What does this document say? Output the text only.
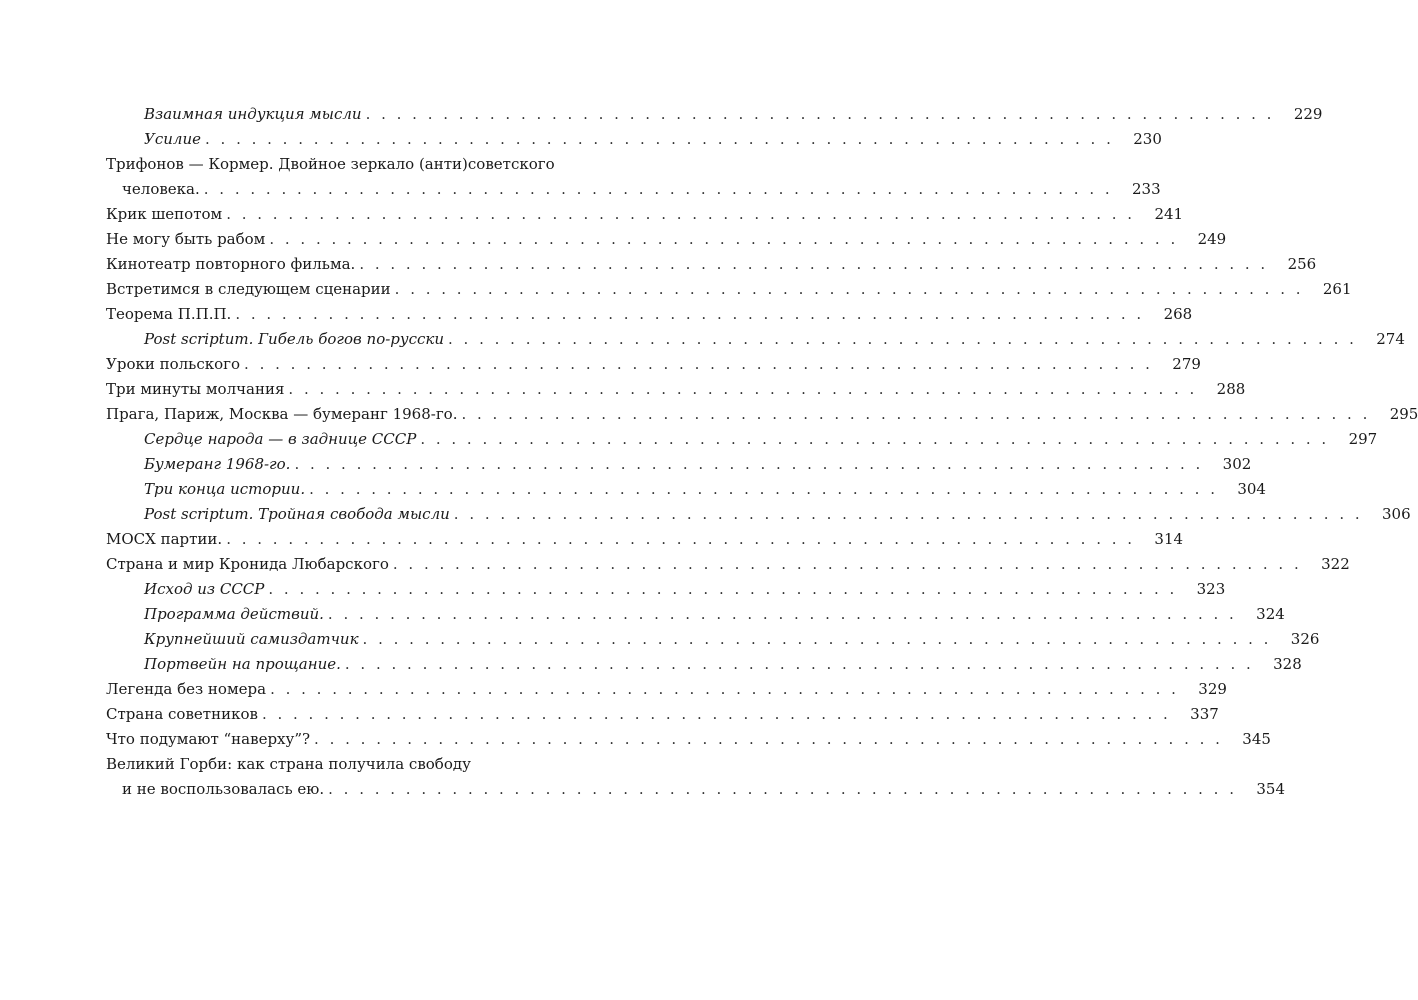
Взаимная индукция мысли . . . . . . . . . . . . . . . . . . . . . . . . . . . . . . . . . . . . . . . . . . . . . . . . . . . . . . . . . . .	229
Усилие . . . . . . . . . . . . . . . . . . . . . . . . . . . . . . . . . . . . . . . . . . . . . . . . . . . . . . . . . . .	230
Трифонов — Кормер. Двойное зеркало (анти)советского
человека. . . . . . . . . . . . . . . . . . . . . . . . . . . . . . . . . . . . . . . . . . . . . . . . . . . . . . . . . . . .	233
Крик шепотом . . . . . . . . . . . . . . . . . . . . . . . . . . . . . . . . . . . . . . . . . . . . . . . . . . . . . . . . . . .	241
Не могу быть рабом . . . . . . . . . . . . . . . . . . . . . . . . . . . . . . . . . . . . . . . . . . . . . . . . . . . . . . . . . . .	249
Кинотеатр повторного фильма. . . . . . . . . . . . . . . . . . . . . . . . . . . . . . . . . . . . . . . . . . . . . . . . . . . . . . . . . . . .	256
Встретимся в следующем сценарии . . . . . . . . . . . . . . . . . . . . . . . . . . . . . . . . . . . . . . . . . . . . . . . . . . . . . . . . . . .	261
Теорема П.П.П. . . . . . . . . . . . . . . . . . . . . . . . . . . . . . . . . . . . . . . . . . . . . . . . . . . . . . . . . . . .	268
Post scriptum. Гибель богов по-русски . . . . . . . . . . . . . . . . . . . . . . . . . . . . . . . . . . . . . . . . . . . . . . . . . . . . . . . . . . .	274
Уроки польского . . . . . . . . . . . . . . . . . . . . . . . . . . . . . . . . . . . . . . . . . . . . . . . . . . . . . . . . . . .	279
Три минуты молчания . . . . . . . . . . . . . . . . . . . . . . . . . . . . . . . . . . . . . . . . . . . . . . . . . . . . . . . . . . .	288
Прага, Париж, Москва — бумеранг 1968-го. . . . . . . . . . . . . . . . . . . . . . . . . . . . . . . . . . . . . . . . . . . . . . . . . . . . . . . . . . . .	295
Сердце народа — в заднице СССР . . . . . . . . . . . . . . . . . . . . . . . . . . . . . . . . . . . . . . . . . . . . . . . . . . . . . . . . . . .	297
Бумеранг 1968-го. . . . . . . . . . . . . . . . . . . . . . . . . . . . . . . . . . . . . . . . . . . . . . . . . . . . . . . . . . . .	302
Три конца истории. . . . . . . . . . . . . . . . . . . . . . . . . . . . . . . . . . . . . . . . . . . . . . . . . . . . . . . . . . . .	304
Post scriptum. Тройная свобода мысли . . . . . . . . . . . . . . . . . . . . . . . . . . . . . . . . . . . . . . . . . . . . . . . . . . . . . . . . . . .	306
МОСХ партии. . . . . . . . . . . . . . . . . . . . . . . . . . . . . . . . . . . . . . . . . . . . . . . . . . . . . . . . . . . .	314
Страна и мир Кронида Любарского . . . . . . . . . . . . . . . . . . . . . . . . . . . . . . . . . . . . . . . . . . . . . . . . . . . . . . . . . . .	322
Исход из СССР . . . . . . . . . . . . . . . . . . . . . . . . . . . . . . . . . . . . . . . . . . . . . . . . . . . . . . . . . . .	323
Программа действий. . . . . . . . . . . . . . . . . . . . . . . . . . . . . . . . . . . . . . . . . . . . . . . . . . . . . . . . . . . .	324
Крупнейший самиздатчик . . . . . . . . . . . . . . . . . . . . . . . . . . . . . . . . . . . . . . . . . . . . . . . . . . . . . . . . . . .	326
Портвейн на прощание. . . . . . . . . . . . . . . . . . . . . . . . . . . . . . . . . . . . . . . . . . . . . . . . . . . . . . . . . . . .	328
Легенда без номера . . . . . . . . . . . . . . . . . . . . . . . . . . . . . . . . . . . . . . . . . . . . . . . . . . . . . . . . . . .	329
Страна советников . . . . . . . . . . . . . . . . . . . . . . . . . . . . . . . . . . . . . . . . . . . . . . . . . . . . . . . . . . .	337
Что подумают “наверху”? . . . . . . . . . . . . . . . . . . . . . . . . . . . . . . . . . . . . . . . . . . . . . . . . . . . . . . . . . . .	345
Великий Горби: как страна получила свободу
и не воспользовалась ею. . . . . . . . . . . . . . . . . . . . . . . . . . . . . . . . . . . . . . . . . . . . . . . . . . . . . . . . . . . .	354
